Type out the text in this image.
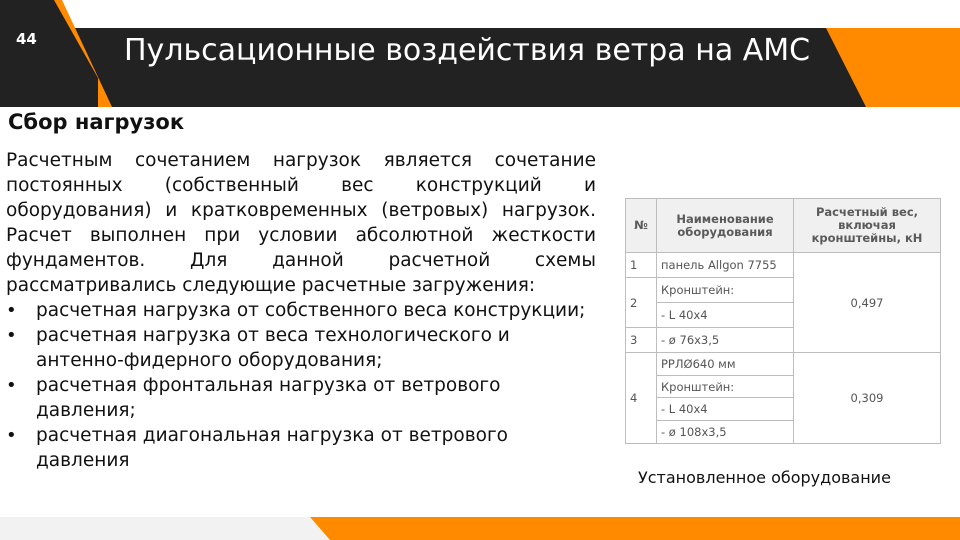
44	Пульсационные воздействия ветра на АМС
Сбор нагрузок

Расчетным сочетанием нагрузок является сочетание постоянных (собственный вес конструкций и оборудования) и кратковременных (ветровых) нагрузок. Расчет выполнен при условии абсолютной жесткости фундаментов. Для данной расчетной схемы рассматривались следующие расчетные загружения:

• расчетная нагрузка от собственного веса конструкции;
• расчетная нагрузка от веса технологического и антенно-фидерного оборудования;
• расчетная фронтальная нагрузка от ветрового давления;
• расчетная диагональная нагрузка от ветрового давления
№	Наименование оборудования	Расчетный вес, включая кронштейны, кН
1	панель Allgon 7755	0,497
2	Кронштейн:	
	- L 40x4	
3	- ø 76x3,5	
4	РРЛØ640 мм	0,309
	Кронштейн:	
	- L 40x4	
	- ø 108x3,5	
Установленное оборудование
